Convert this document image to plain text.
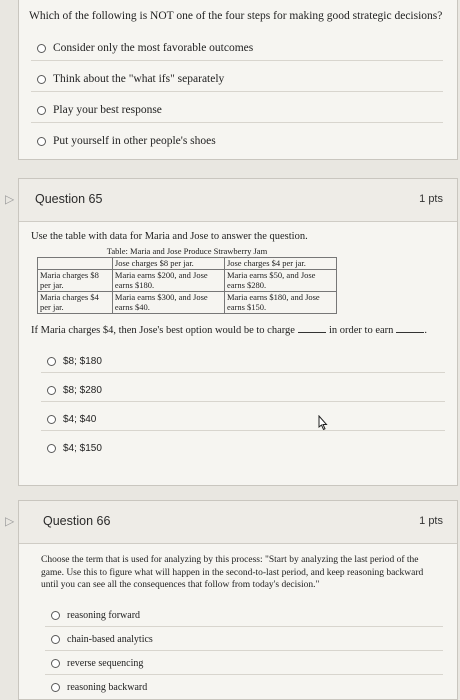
Which of the following is NOT one of the four steps for making good strategic decisions?
Consider only the most favorable outcomes
Think about the "what ifs" separately
Play your best response
Put yourself in other people's shoes
▷ Question 65	1 pts
Use the table with data for Maria and Jose to answer the question.
Table: Maria and Jose Produce Strawberry Jam		
	Jose charges $8 per jar.	Jose charges $4 per jar.
Maria charges $8 per jar.	Maria earns $200, and Jose earns $180.	Maria earns $50, and Jose earns $280.
Maria charges $4 per jar.	Maria earns $300, and Jose earns $40.	Maria earns $180, and Jose earns $150.
If Maria charges $4, then Jose's best option would be to charge	in order to earn	.
$8; $180
$8; $280
$4; $40
$4; $150
▷ Question 66	1 pts
Choose the term that is used for analyzing by this process: "Start by analyzing the last period of the game. Use this to figure what will happen in the second-to-last period, and keep reasoning backward until you can see all the consequences that follow from today's decision."
reasoning forward
chain-based analytics
reverse sequencing
reasoning backward
